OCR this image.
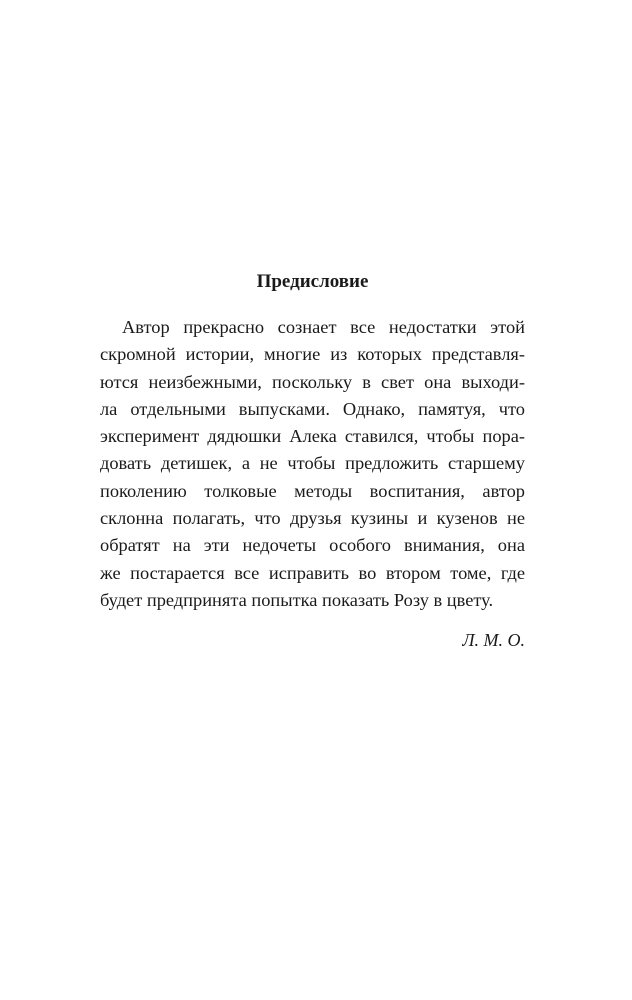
Предисловие
Автор прекрасно сознает все недостатки этой
скромной истории, многие из которых представля-
ются неизбежными, поскольку в свет она выходи-
ла отдельными выпусками. Однако, памятуя, что
эксперимент дядюшки Алека ставился, чтобы пора-
довать детишек, а не чтобы предложить старшему
поколению толковые методы воспитания, автор
склонна полагать, что друзья кузины и кузенов не
обратят на эти недочеты особого внимания, она
же постарается все исправить во втором томе, где
будет предпринята попытка показать Розу в цвету.
Л. М. О.
